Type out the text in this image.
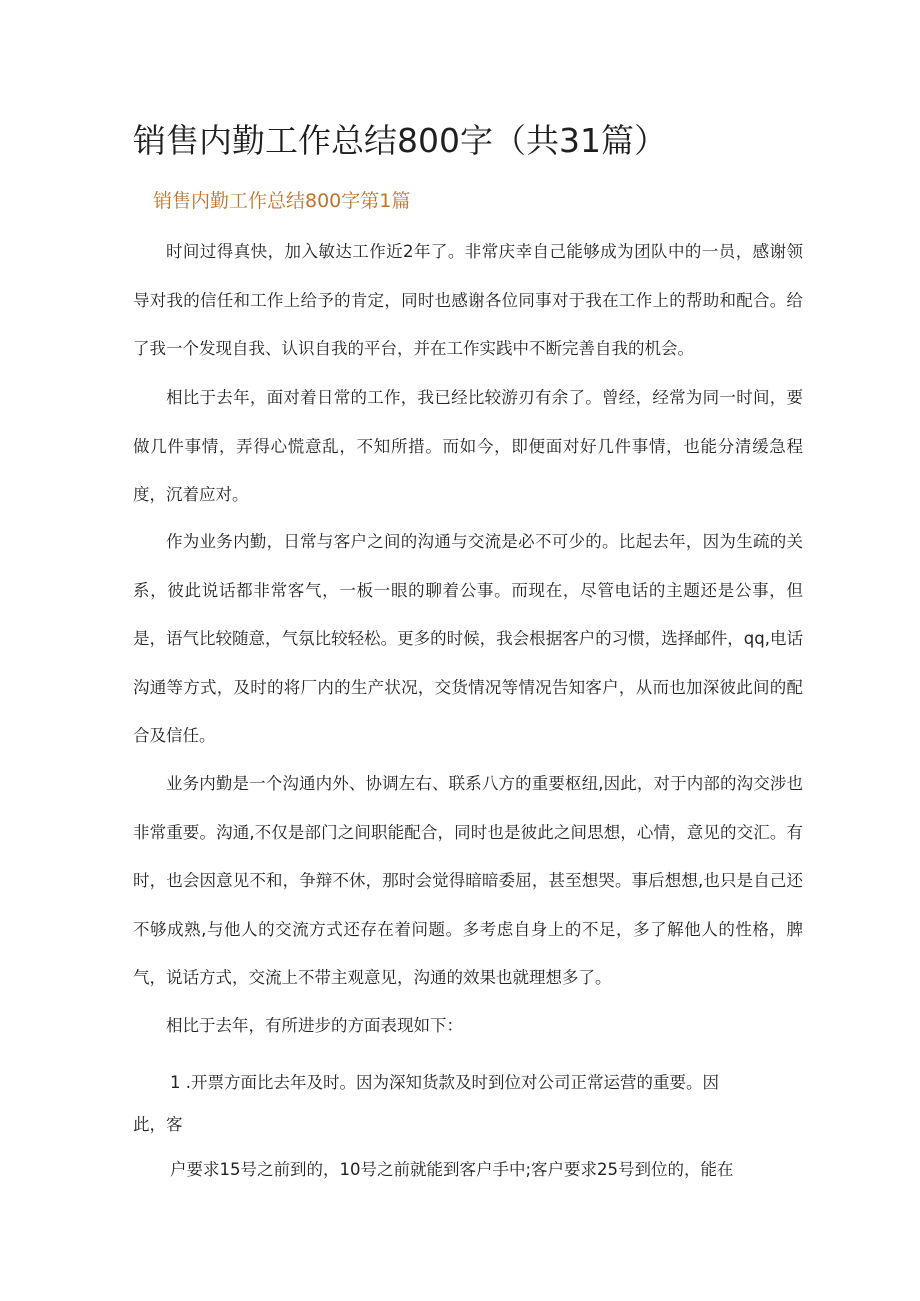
销售内勤工作总结800字（共31篇）
销售内勤工作总结800字第1篇

时间过得真快，加入敏达工作近2年了。非常庆幸自己能够成为团队中的一员，感谢领导对我的信任和工作上给予的肯定，同时也感谢各位同事对于我在工作上的帮助和配合。给了我一个发现自我、认识自我的平台，并在工作实践中不断完善自我的机会。

相比于去年，面对着日常的工作，我已经比较游刃有余了。曾经，经常为同一时间，要做几件事情，弄得心慌意乱，不知所措。而如今，即便面对好几件事情，也能分清缓急程度，沉着应对。

作为业务内勤，日常与客户之间的沟通与交流是必不可少的。比起去年，因为生疏的关系，彼此说话都非常客气，一板一眼的聊着公事。而现在，尽管电话的主题还是公事，但是，语气比较随意，气氛比较轻松。更多的时候，我会根据客户的习惯，选择邮件，qq,电话沟通等方式，及时的将厂内的生产状况，交货情况等情况告知客户，从而也加深彼此间的配合及信任。

业务内勤是一个沟通内外、协调左右、联系八方的重要枢纽,因此，对于内部的沟交涉也非常重要。沟通,不仅是部门之间职能配合，同时也是彼此之间思想，心情，意见的交汇。有时，也会因意见不和，争辩不休，那时会觉得暗暗委屈，甚至想哭。事后想想,也只是自己还不够成熟,与他人的交流方式还存在着问题。多考虑自身上的不足，多了解他人的性格，脾气，说话方式，交流上不带主观意见，沟通的效果也就理想多了。

相比于去年，有所进步的方面表现如下：

1 .开票方面比去年及时。因为深知货款及时到位对公司正常运营的重要。因

此，客

户要求15号之前到的，10号之前就能到客户手中;客户要求25号到位的，能在
